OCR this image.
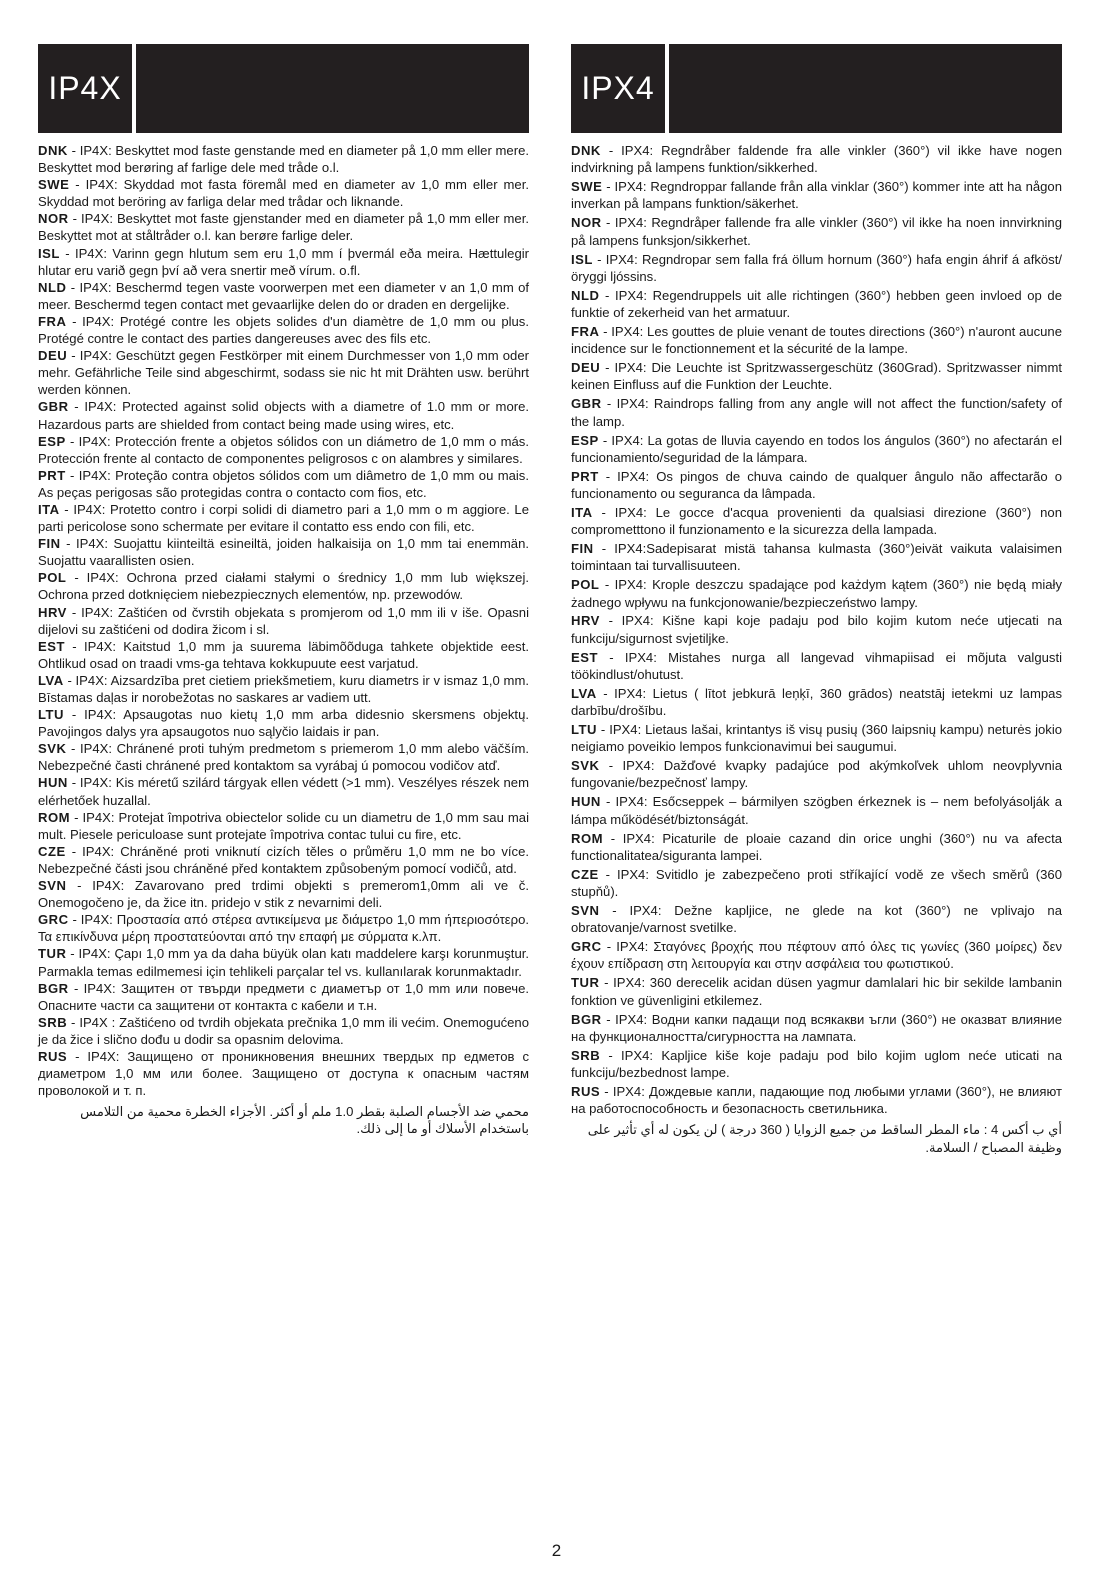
IP4X

DNK - IP4X: Beskyttet mod faste genstande med en diameter på 1,0 mm eller mere. Beskyttet mod berøring af farlige dele med tråde o.l.

SWE - IP4X: Skyddad mot fasta föremål med en diameter av 1,0 mm eller mer. Skyddad mot beröring av farliga delar med trådar och liknande.

NOR - IP4X: Beskyttet mot faste gjenstander med en diameter på 1,0 mm eller mer. Beskyttet mot at ståltråder o.l. kan berøre farlige deler.

ISL - IP4X: Varinn gegn hlutum sem eru 1,0 mm í þvermál eða meira. Hættulegir hlutar eru varið gegn því að vera snertir með vírum. o.fl.

NLD - IP4X: Beschermd tegen vaste voorwerpen met een diameter v an 1,0 mm of meer. Beschermd tegen contact met gevaarlijke delen do or draden en dergelijke.

FRA - IP4X: Protégé contre les objets solides d'un diamètre de 1,0 mm ou plus. Protégé contre le contact des parties dangereuses avec des fils etc.

DEU - IP4X: Geschützt gegen Festkörper mit einem Durchmesser von 1,0 mm oder mehr. Gefährliche Teile sind abgeschirmt, sodass sie nic ht mit Drähten usw. berührt werden können.

GBR - IP4X: Protected against solid objects with a diametre of 1.0 mm or more. Hazardous parts are shielded from contact being made using wires, etc.

ESP - IP4X: Protección frente a objetos sólidos con un diámetro de 1,0 mm o más. Protección frente al contacto de componentes peligrosos c on alambres y similares.

PRT - IP4X: Proteção contra objetos sólidos com um diâmetro de 1,0 mm ou mais. As peças perigosas são protegidas contra o contacto com fios, etc.

ITA - IP4X: Protetto contro i corpi solidi di diametro pari a 1,0 mm o m aggiore. Le parti pericolose sono schermate per evitare il contatto ess endo con fili, etc.

FIN - IP4X: Suojattu kiinteiltä esineiltä, joiden halkaisija on 1,0 mm tai enemmän. Suojattu vaarallisten osien.

POL - IP4X: Ochrona przed ciałami stałymi o średnicy 1,0 mm lub większej. Ochrona przed dotknięciem niebezpiecznych elementów, np. przewodów.

HRV - IP4X: Zaštićen od čvrstih objekata s promjerom od 1,0 mm ili v iše. Opasni dijelovi su zaštićeni od dodira žicom i sl.

EST - IP4X: Kaitstud 1,0 mm ja suurema läbimõõduga tahkete objektide eest. Ohtlikud osad on traadi vms-ga tehtava kokkupuute eest varjatud.

LVA - IP4X: Aizsardzība pret cietiem priekšmetiem, kuru diametrs ir v ismaz 1,0 mm. Bīstamas daļas ir norobežotas no saskares ar vadiem utt.

LTU - IP4X: Apsaugotas nuo kietų 1,0 mm arba didesnio skersmens objektų. Pavojingos dalys yra apsaugotos nuo sąlyčio laidais ir pan.

SVK - IP4X: Chránené proti tuhým predmetom s priemerom 1,0 mm alebo väčším. Nebezpečné časti chránené pred kontaktom sa vyrábaj ú pomocou vodičov atď.

HUN - IP4X: Kis méretű szilárd tárgyak ellen védett (>1 mm). Veszélyes részek nem elérhetőek huzallal.

ROM - IP4X: Protejat împotriva obiectelor solide cu un diametru de 1,0 mm sau mai mult. Piesele periculoase sunt protejate împotriva contac tului cu fire, etc.

CZE - IP4X: Chráněné proti vniknutí cizích těles o průměru 1,0 mm ne bo více. Nebezpečné části jsou chráněné před kontaktem způsobeným pomocí vodičů, atd.

SVN - IP4X: Zavarovano pred trdimi objekti s premerom1,0mm ali ve č. Onemogočeno je, da žice itn. pridejo v stik z nevarnimi deli.

GRC - IP4X: Προστασία από στέρεα αντικείμενα με διάμετρο 1,0 mm ήπεριοσότερο. Τα επικίνδυνα μέρη προστατεύονται από την επαφή με σύρματα κ.λπ.

TUR - IP4X: Çapı 1,0 mm ya da daha büyük olan katı maddelere karşı korunmuştur. Parmakla temas edilmemesi için tehlikeli parçalar tel vs. kullanılarak korunmaktadır.

BGR - IP4X: Защитен от твърди предмети с диаметър от 1,0 mm или повече. Опасните части са защитени от контакта с кабели и т.н.

SRB - IP4X : Zaštićeno od tvrdih objekata prečnika 1,0 mm ili većim. Onemogućeno je da žice i slično dođu u dodir sa opasnim delovima.

RUS - IP4X: Защищено от проникновения внешних твердых пр едметов с диаметром 1,0 мм или более. Защищено от доступа к опасным частям проволокой и т. п.

محمي ضد الأجسام الصلبة بقطر 1.0 ملم أو أكثر. الأجزاء الخطرة محمية من التلامس باستخدام الأسلاك أو ما إلى ذلك.

IPX4

DNK - IPX4: Regndråber faldende fra alle vinkler (360°) vil ikke have nogen indvirkning på lampens funktion/sikkerhed.

SWE - IPX4: Regndroppar fallande från alla vinklar (360°) kommer inte att ha någon inverkan på lampans funktion/säkerhet.

NOR - IPX4: Regndråper fallende fra alle vinkler (360°) vil ikke ha noen innvirkning på lampens funksjon/sikkerhet.

ISL - IPX4: Regndropar sem falla frá öllum hornum (360°) hafa engin áhrif á afköst/öryggi ljóssins.

NLD - IPX4: Regendruppels uit alle richtingen (360°) hebben geen invloed op de funktie of zekerheid van het armatuur.

FRA - IPX4: Les gouttes de pluie venant de toutes directions (360°) n'auront aucune incidence sur le fonctionnement et la sécurité de la lampe.

DEU - IPX4: Die Leuchte ist Spritzwassergeschütz (360Grad). Spritzwasser nimmt keinen Einfluss auf die Funktion der Leuchte.

GBR - IPX4: Raindrops falling from any angle will not affect the function/safety of the lamp.

ESP - IPX4: La gotas de lluvia cayendo en todos los ángulos (360°) no afectarán el funcionamiento/seguridad de la lámpara.

PRT - IPX4: Os pingos de chuva caindo de qualquer ângulo não affectarão o funcionamento ou seguranca da lâmpada.

ITA - IPX4: Le gocce d'acqua provenienti da qualsiasi direzione (360°) non comprometttono il funzionamento e la sicurezza della lampada.

FIN - IPX4:Sadepisarat mistä tahansa kulmasta (360°)eivät vaikuta valaisimen toimintaan tai turvallisuuteen.

POL - IPX4: Krople deszczu spadające pod każdym kątem (360°) nie będą miały żadnego wpływu na funkcjonowanie/bezpieczeństwo lampy.

HRV - IPX4: Kišne kapi koje padaju pod bilo kojim kutom neće utjecati na funkciju/sigurnost svjetiljke.

EST - IPX4: Mistahes nurga all langevad vihmapiisad ei mõjuta valgusti töökindlust/ohutust.

LVA - IPX4: Lietus ( lītot jebkurā leņķī, 360 grādos) neatstāj ietekmi uz lampas darbību/drošību.

LTU - IPX4: Lietaus lašai, krintantys iš visų pusių (360 laipsnių kampu) neturės jokio neigiamo poveikio lempos funkcionavimui bei saugumui.

SVK - IPX4: Dažďové kvapky padajúce pod akýmkoľvek uhlom neovplyvnia fungovanie/bezpečnosť lampy.

HUN - IPX4: Esőcseppek – bármilyen szögben érkeznek is – nem befolyásolják a lámpa működését/biztonságát.

ROM - IPX4: Picaturile de ploaie cazand din orice unghi (360°) nu va afecta functionalitatea/siguranta lampei.

CZE - IPX4: Svitidlo je zabezpečeno proti stříkající vodě ze všech směrů (360 stupňů).

SVN - IPX4: Dežne kapljice, ne glede na kot (360°) ne vplivajo na obratovanje/varnost svetilke.

GRC - IPX4: Σταγόνες βροχής που πέφτουν από όλες τις γωνίες (360 μοίρες) δεν έχουν επίδραση στη λειτουργία και στην ασφάλεια του φωτιστικού.

TUR - IPX4: 360 derecelik acidan düsen yagmur damlalari hic bir sekilde lambanin fonktion ve güvenligini etkilemez.

BGR - IPX4: Водни капки падащи под всякакви ъгли (360°) не оказват влияние на функционалността/сигурността на лампата.

SRB - IPX4: Kapljice kiše koje padaju pod bilo kojim uglom neće uticati na funkciju/bezbednost lampe.

RUS - IPX4: Дождевые капли, падающие под любыми углами (360°), не влияют на работоспособность и безопасность светильника.

أي ب أكس 4 : ماء المطر الساقط من جميع الزوايا ( 360 درجة ) لن يكون له أي تأثير على وظيفة المصباح / السلامة.

2
